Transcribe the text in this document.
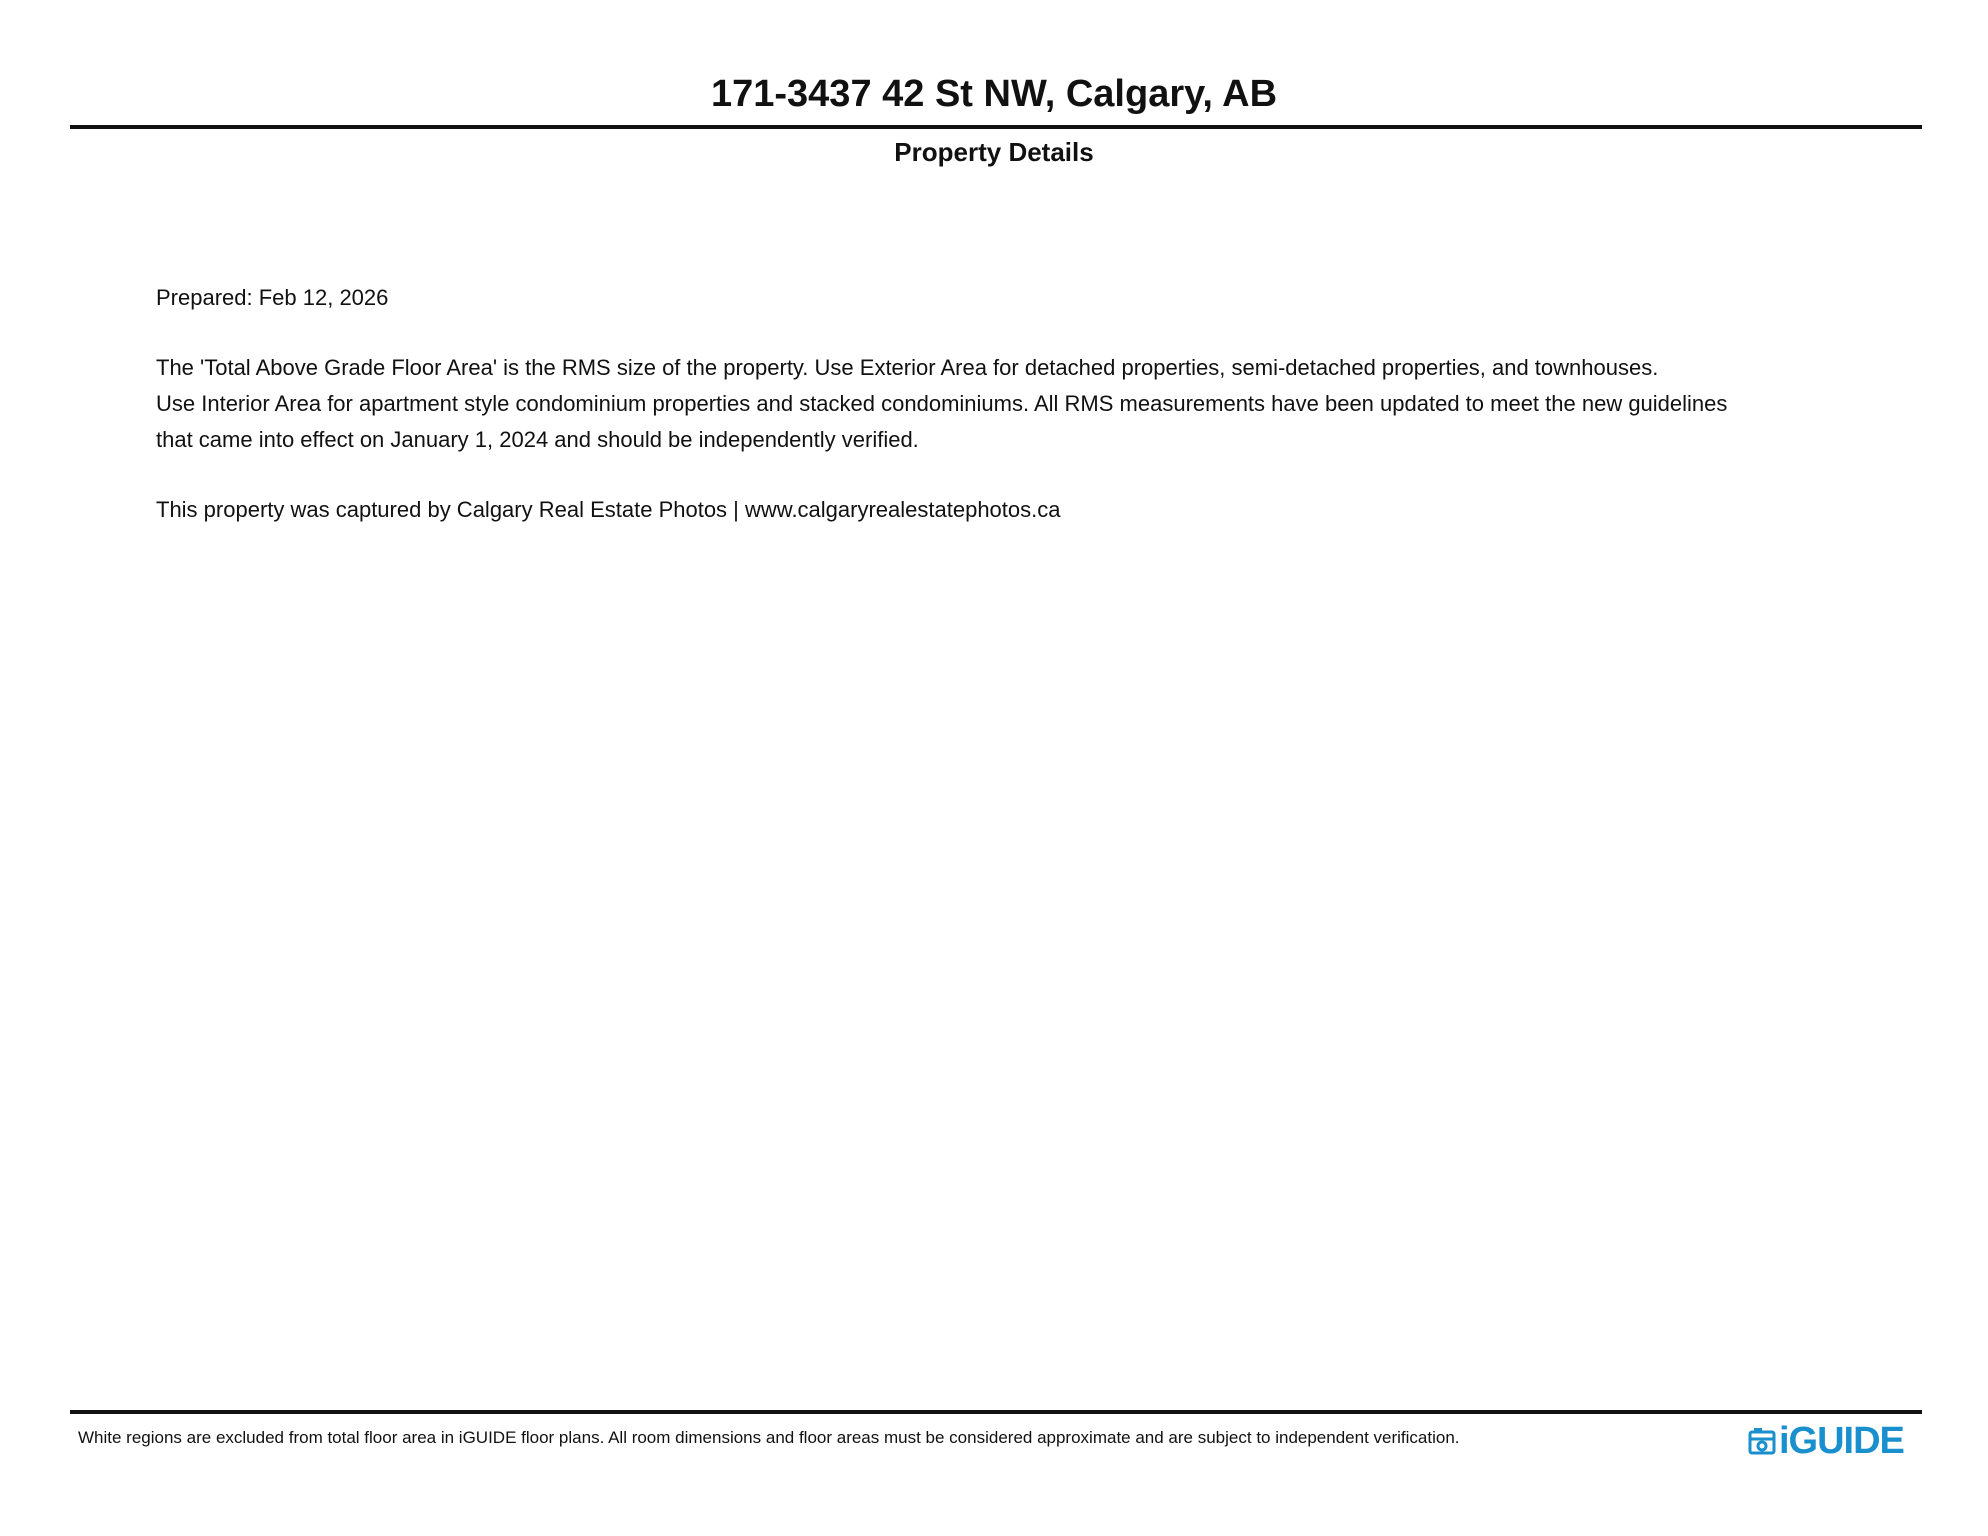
171-3437 42 St NW, Calgary, AB
Property Details

Prepared: Feb 12, 2026

The 'Total Above Grade Floor Area' is the RMS size of the property. Use Exterior Area for detached properties, semi-detached properties, and townhouses.

Use Interior Area for apartment style condominium properties and stacked condominiums. All RMS measurements have been updated to meet the new guidelines

that came into effect on January 1, 2024 and should be independently verified.

This property was captured by Calgary Real Estate Photos | www.calgaryrealestatephotos.ca

White regions are excluded from total floor area in iGUIDE floor plans. All room dimensions and floor areas must be considered approximate and are subject to independent verification.	iGUIDE
